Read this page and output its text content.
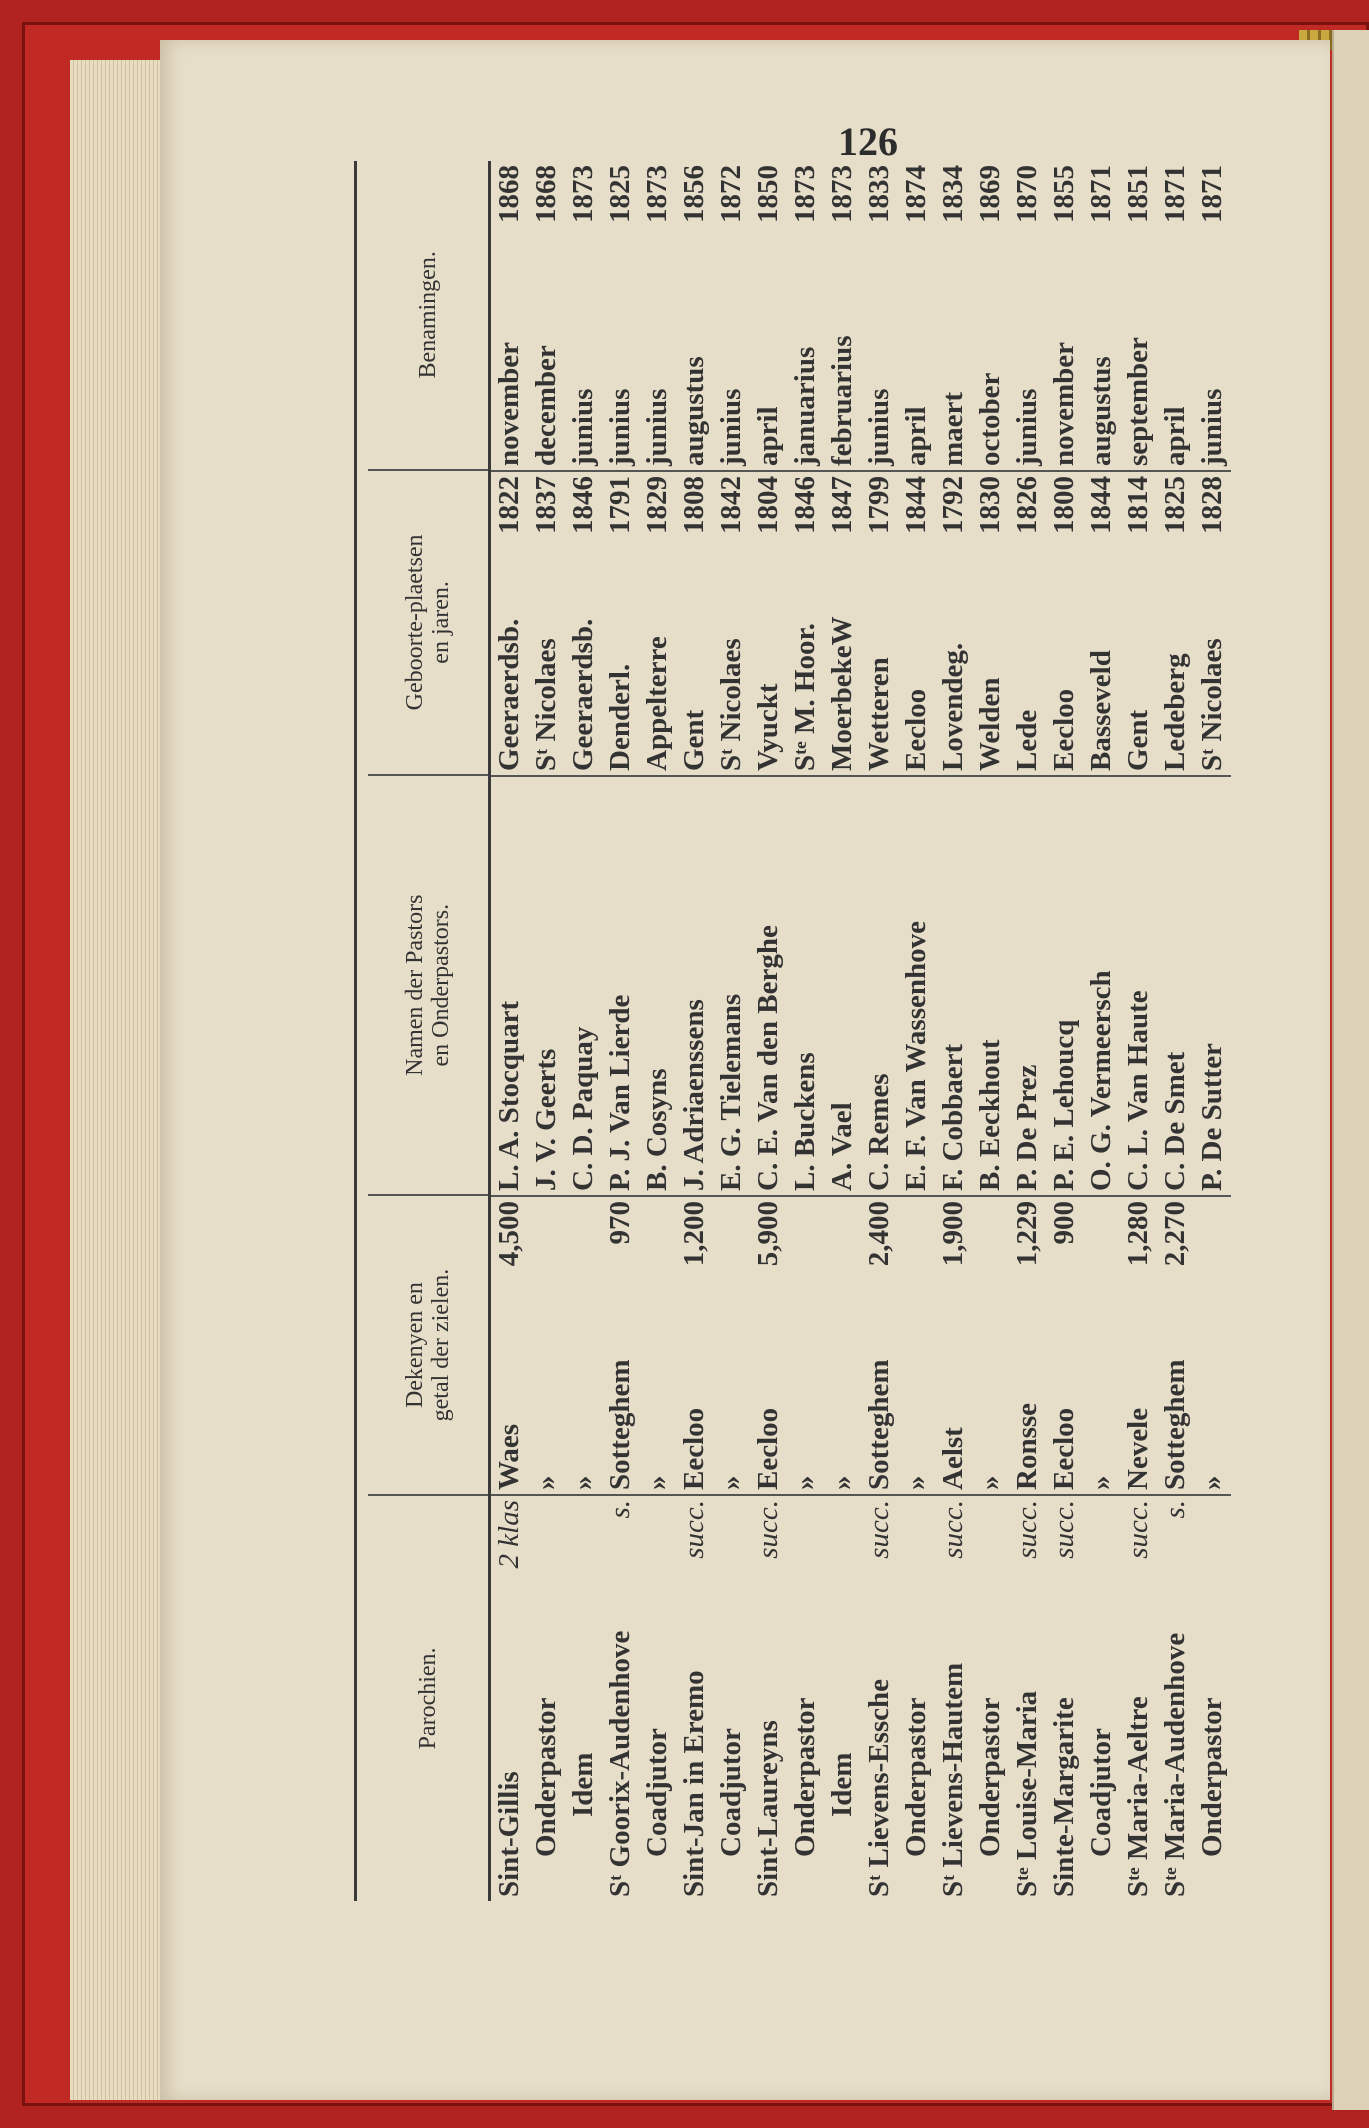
126
Parochien.
Dekenyen en getal der zielen.
Namen der Pastors en Onderpastors.
Geboorte-plaetsen en jaren.
Benamingen.
Sint-Gillis
2 klas
Waes
4,500
L. A. Stocquart
Geeraerdsb.
1822
november
1868
Onderpastor
»
J. V. Geerts
Sᵗ Nicolaes
1837
december
1868
Idem
»
C. D. Paquay
Geeraerdsb.
1846
junius
1873
Sᵗ Goorix-Audenhove
s.
Sotteghem
970
P. J. Van Lierde
Denderl.
1791
junius
1825
Coadjutor
»
B. Cosyns
Appelterre
1829
junius
1873
Sint-Jan in Eremo
succ.
Eecloo
1,200
J. Adriaenssens
Gent
1808
augustus
1856
Coadjutor
»
E. G. Tielemans
Sᵗ Nicolaes
1842
junius
1872
Sint-Laureyns
succ.
Eecloo
5,900
C. E. Van den Berghe
Vyuckt
1804
april
1850
Onderpastor
»
L. Buckens
Sᵗᵉ M. Hoor.
1846
januarius
1873
Idem
»
A. Vael
MoerbekeW
1847
februarius
1873
Sᵗ Lievens-Essche
succ.
Sotteghem
2,400
C. Remes
Wetteren
1799
junius
1833
Onderpastor
»
E. F. Van Wassenhove
Eecloo
1844
april
1874
Sᵗ Lievens-Hautem
succ.
Aelst
1,900
F. Cobbaert
Lovendeg.
1792
maert
1834
Onderpastor
»
B. Eeckhout
Welden
1830
october
1869
Sᵗᵉ Louise-Maria
succ.
Ronsse
1,229
P. De Prez
Lede
1826
junius
1870
Sinte-Margarite
succ.
Eecloo
900
P. E. Lehoucq
Eecloo
1800
november
1855
Coadjutor
»
O. G. Vermeersch
Basseveld
1844
augustus
1871
Sᵗᵉ Maria-Aeltre
succ.
Nevele
1,280
C. L. Van Haute
Gent
1814
september
1851
Sᵗᵉ Maria-Audenhove
s.
Sotteghem
2,270
C. De Smet
Ledeberg
1825
april
1871
Onderpastor
»
P. De Sutter
Sᵗ Nicolaes
1828
junius
1871
